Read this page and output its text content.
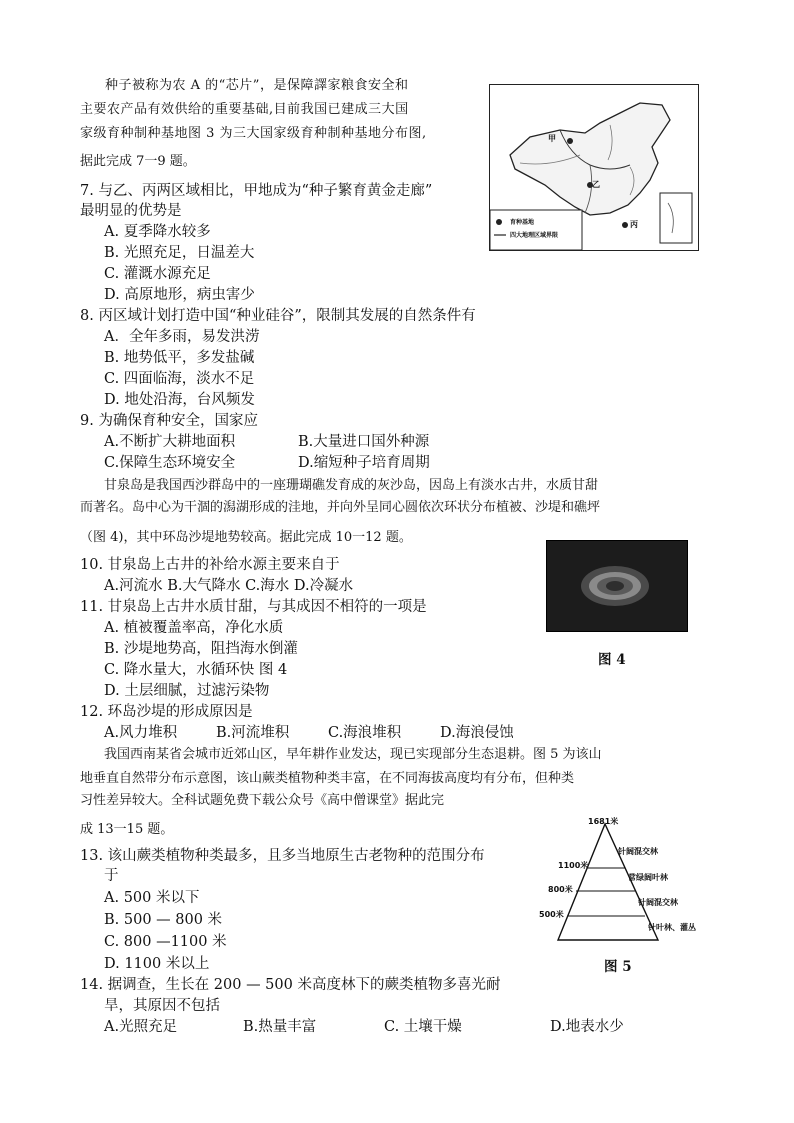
种子被称为农 A 的“芯片”，是保障譯家粮食安全和
主要农产品有效供给的重要基础,目前我国已建成三大国
家级育种制种基地图 3 为三大国家级育种制种基地分布图,
据此完成 7一9 题。
甲
乙
丙
育种基地
四大地理区域界限
7. 与乙、丙两区域相比，甲地成为“种子繁育黄金走廊”
最明显的优势是
A. 夏季降水较多
B. 光照充足，日温差大
C. 灌溉水源充足
D. 高原地形，病虫害少
8. 丙区域计划打造中国“种业硅谷”，限制其发展的自然条件有
A．全年多雨，易发洪涝
B. 地势低平，多发盐碱
C. 四面临海，淡水不足
D. 地处沿海，台风频发
9. 为确保育种安全，国家应
A.不断扩大耕地面积	B.大量进口国外种源
C.保障生态环境安全	D.缩短种子培育周期
甘泉岛是我国西沙群岛中的一座珊瑚礁发育成的灰沙岛，因岛上有淡水古井，水质甘甜
而著名。岛中心为干涸的潟湖形成的洼地，并向外呈同心圆依次环状分布植被、沙堤和礁坪
（图 4)，其中环岛沙堤地势较高。据此完成 10一12 题。
图 4
10. 甘泉岛上古井的补给水源主要来自于
A.河流水 B.大气降水 C.海水 D.冷凝水
11. 甘泉岛上古井水质甘甜，与其成因不相符的一项是
A. 植被覆盖率高，净化水质
B. 沙堤地势高，阻挡海水倒灌
C. 降水量大，水循环快 图 4
D. 土层细腻，过滤污染物
12. 环岛沙堤的形成原因是
A.风力堆积	B.河流堆积	C.海浪堆积	D.海浪侵蚀
我国西南某省会城市近郊山区，早年耕作业发达，现已实现部分生态退耕。图 5 为该山
地垂直自然带分布示意图，该山蕨类植物种类丰富，在不同海拔高度均有分布，但种类
习性差异较大。全科试题免费下载公众号《高中僧课堂》据此完
成 13一15 题。
1681米
1100米
800米
500米
针阔混交林
常绿阔叶林
针阔混交林
针叶林、灌丛
图 5
13. 该山蕨类植物种类最多，且多当地原生古老物种的范围分布
于
A. 500 米以下
B. 500 — 800 米
C. 800 —1100 米
D. 1100 米以上
14. 据调查，生长在 200 — 500 米高度林下的蕨类植物多喜光耐
旱，其原因不包括
A.光照充足	B.热量丰富	C. 土壤干燥	D.地表水少
